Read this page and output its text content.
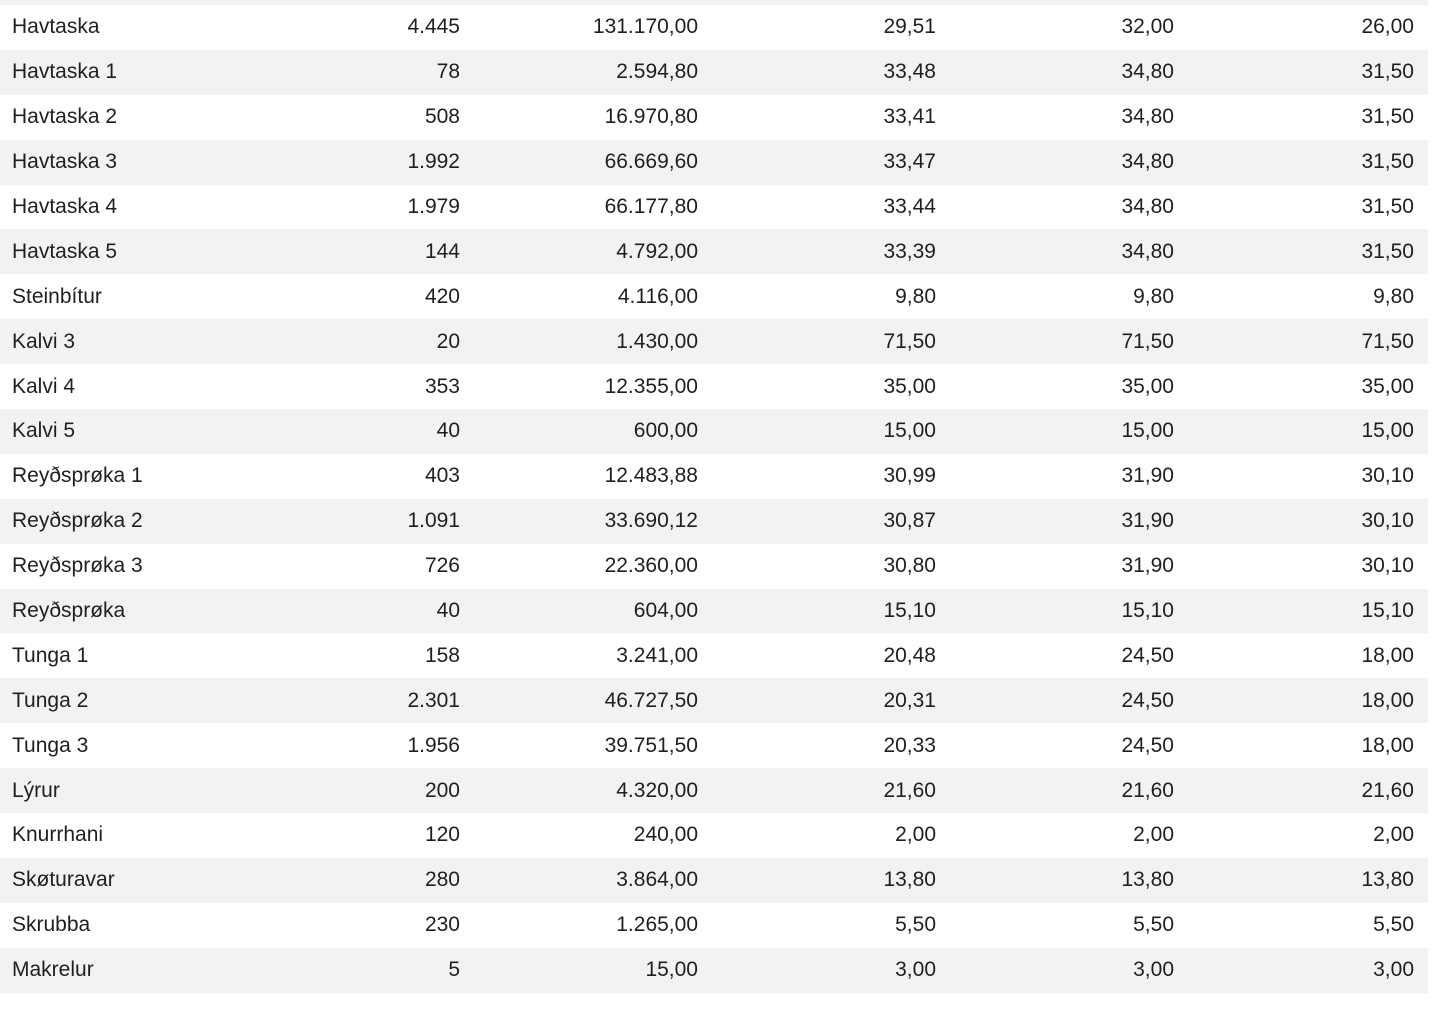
Havtaska	4.445	131.170,00	29,51	32,00	26,00
Havtaska 1	78	2.594,80	33,48	34,80	31,50
Havtaska 2	508	16.970,80	33,41	34,80	31,50
Havtaska 3	1.992	66.669,60	33,47	34,80	31,50
Havtaska 4	1.979	66.177,80	33,44	34,80	31,50
Havtaska 5	144	4.792,00	33,39	34,80	31,50
Steinbítur	420	4.116,00	9,80	9,80	9,80
Kalvi 3	20	1.430,00	71,50	71,50	71,50
Kalvi 4	353	12.355,00	35,00	35,00	35,00
Kalvi 5	40	600,00	15,00	15,00	15,00
Reyðsprøka 1	403	12.483,88	30,99	31,90	30,10
Reyðsprøka 2	1.091	33.690,12	30,87	31,90	30,10
Reyðsprøka 3	726	22.360,00	30,80	31,90	30,10
Reyðsprøka	40	604,00	15,10	15,10	15,10
Tunga 1	158	3.241,00	20,48	24,50	18,00
Tunga 2	2.301	46.727,50	20,31	24,50	18,00
Tunga 3	1.956	39.751,50	20,33	24,50	18,00
Lýrur	200	4.320,00	21,60	21,60	21,60
Knurrhani	120	240,00	2,00	2,00	2,00
Skøturavar	280	3.864,00	13,80	13,80	13,80
Skrubba	230	1.265,00	5,50	5,50	5,50
Makrelur	5	15,00	3,00	3,00	3,00
